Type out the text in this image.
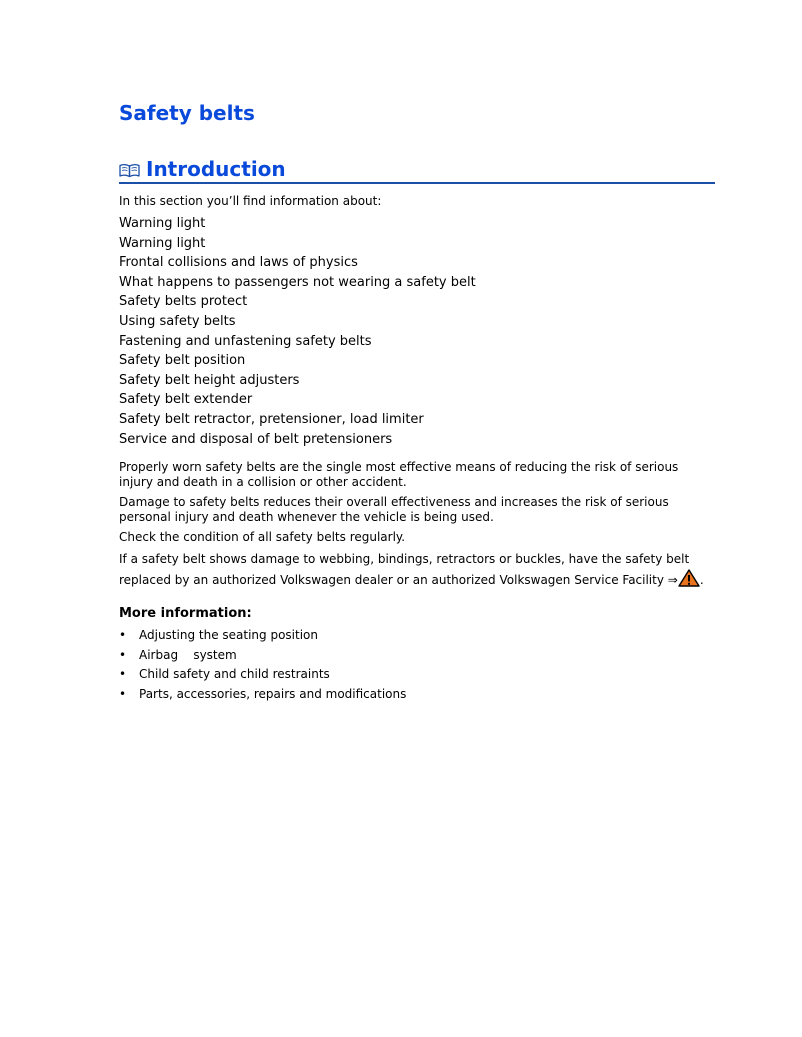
Safety belts
Introduction
In this section you’ll find information about:
Warning light
Warning light
Frontal collisions and laws of physics
What happens to passengers not wearing a safety belt
Safety belts protect
Using safety belts
Fastening and unfastening safety belts
Safety belt position
Safety belt height adjusters
Safety belt extender
Safety belt retractor, pretensioner, load limiter
Service and disposal of belt pretensioners

Properly worn safety belts are the single most effective means of reducing the risk of serious injury and death in a collision or other accident.

Damage to safety belts reduces their overall effectiveness and increases the risk of serious personal injury and death whenever the vehicle is being used.

Check the condition of all safety belts regularly.

If a safety belt shows damage to webbing, bindings, retractors or buckles, have the safety belt replaced by an authorized Volkswagen dealer or an authorized Volkswagen Service Facility ⇒ .

More information:
• Adjusting the seating position
• Airbag    system
• Child safety and child restraints
• Parts, accessories, repairs and modifications
